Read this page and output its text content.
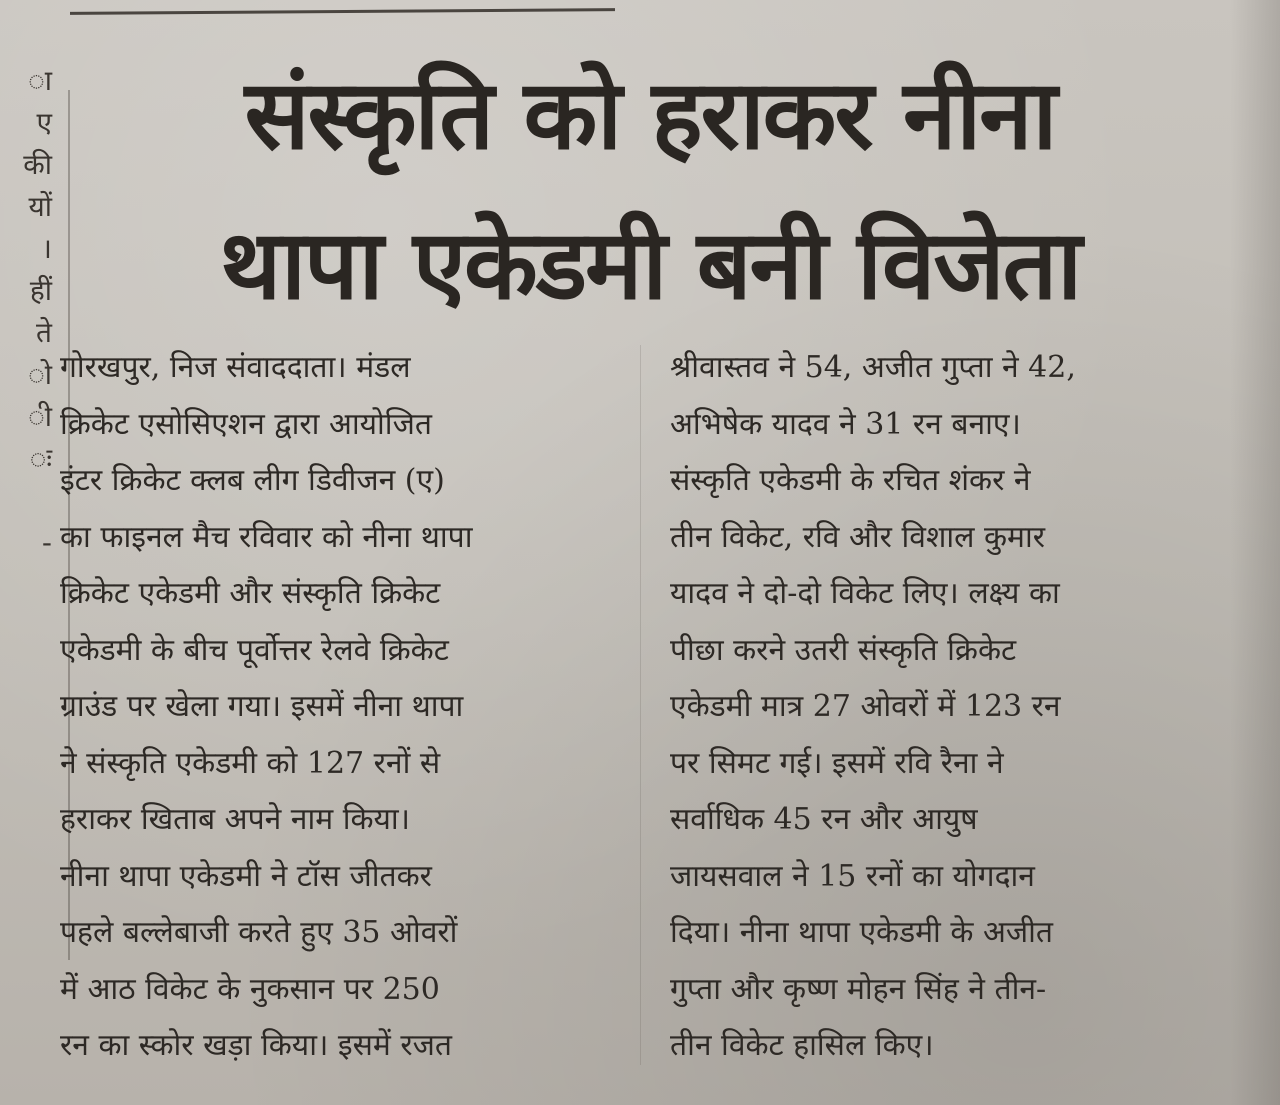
ा
ए
की
यों
।
हीं
ते
ो
ी
ः
-
संस्कृति को हराकर नीना
थापा एकेडमी बनी विजेता
गोरखपुर, निज संवाददाता। मंडल
क्रिकेट एसोसिएशन द्वारा आयोजित
इंटर क्रिकेट क्लब लीग डिवीजन (ए)
का फाइनल मैच रविवार को नीना थापा
क्रिकेट एकेडमी और संस्कृति क्रिकेट
एकेडमी के बीच पूर्वोत्तर रेलवे क्रिकेट
ग्राउंड पर खेला गया। इसमें नीना थापा
ने संस्कृति एकेडमी को 127 रनों से
हराकर खिताब अपने नाम किया।
नीना थापा एकेडमी ने टॉस जीतकर
पहले बल्लेबाजी करते हुए 35 ओवरों
में आठ विकेट के नुकसान पर 250
रन का स्कोर खड़ा किया। इसमें रजत
श्रीवास्तव ने 54, अजीत गुप्ता ने 42,
अभिषेक यादव ने 31 रन बनाए।
संस्कृति एकेडमी के रचित शंकर ने
तीन विकेट, रवि और विशाल कुमार
यादव ने दो-दो विकेट लिए। लक्ष्य का
पीछा करने उतरी संस्कृति क्रिकेट
एकेडमी मात्र 27 ओवरों में 123 रन
पर सिमट गई। इसमें रवि रैना ने
सर्वाधिक 45 रन और आयुष
जायसवाल ने 15 रनों का योगदान
दिया। नीना थापा एकेडमी के अजीत
गुप्ता और कृष्ण मोहन सिंह ने तीन-
तीन विकेट हासिल किए।
